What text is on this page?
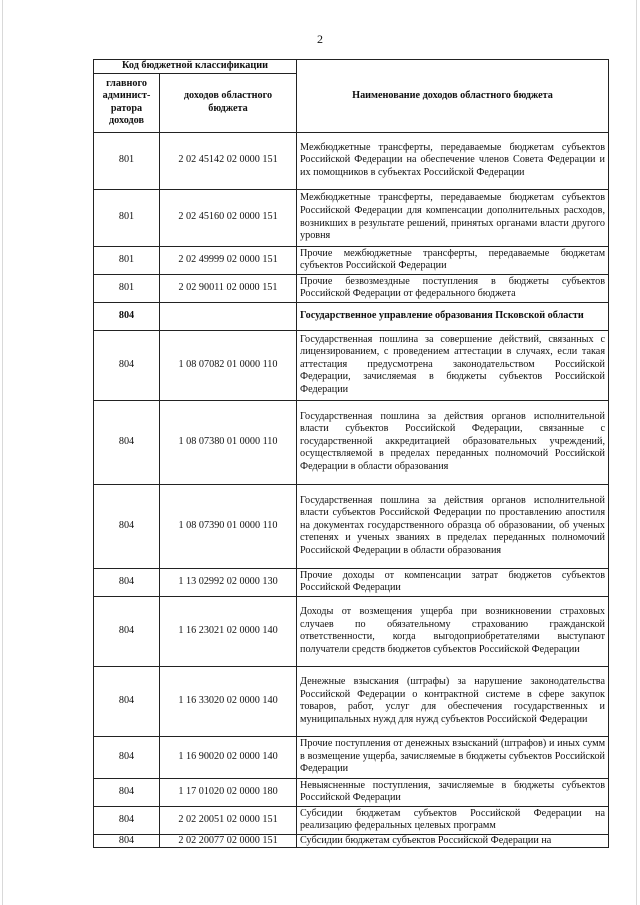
2
Код бюджетной классификации		Наименование доходов областного бюджета
главного админист-ратора доходов	доходов областного бюджета	
801	2 02 45142 02 0000 151	Межбюджетные трансферты, передаваемые бюджетам субъектов Российской Федерации на обеспечение членов Совета Федерации и их помощников в субъектах Российской Федерации
801	2 02 45160 02 0000 151	Межбюджетные трансферты, передаваемые бюджетам субъектов Российской Федерации для компенсации дополнительных расходов, возникших в результате решений, принятых органами власти другого уровня
801	2 02 49999 02 0000 151	Прочие межбюджетные трансферты, передаваемые бюджетам субъектов Российской Федерации
801	2 02 90011 02 0000 151	Прочие безвозмездные поступления в бюджеты субъектов Российской Федерации от федерального бюджета
804		Государственное управление образования Псковской области
804	1 08 07082 01 0000 110	Государственная пошлина за совершение действий, связанных с лицензированием, с проведением аттестации в случаях, если такая аттестация предусмотрена законодательством Российской Федерации, зачисляемая в бюджеты субъектов Российской Федерации
804	1 08 07380 01 0000 110	Государственная пошлина за действия органов исполнительной власти субъектов Российской Федерации, связанные с государственной аккредитацией образовательных учреждений, осуществляемой в пределах переданных полномочий Российской Федерации в области образования
804	1 08 07390 01 0000 110	Государственная пошлина за действия органов исполнительной власти субъектов Российской Федерации по проставлению апостиля на документах государственного образца об образовании, об ученых степенях и ученых званиях в пределах переданных полномочий Российской Федерации в области образования
804	1 13 02992 02 0000 130	Прочие доходы от компенсации затрат бюджетов субъектов Российской Федерации
804	1 16 23021 02 0000 140	Доходы от возмещения ущерба при возникновении страховых случаев по обязательному страхованию гражданской ответственности, когда выгодоприобретателями выступают получатели средств бюджетов субъектов Российской Федерации
804	1 16 33020 02 0000 140	Денежные взыскания (штрафы) за нарушение законодательства Российской Федерации о контрактной системе в сфере закупок товаров, работ, услуг для обеспечения государственных и муниципальных нужд для нужд субъектов Российской Федерации
804	1 16 90020 02 0000 140	Прочие поступления от денежных взысканий (штрафов) и иных сумм в возмещение ущерба, зачисляемые в бюджеты субъектов Российской Федерации
804	1 17 01020 02 0000 180	Невыясненные поступления, зачисляемые в бюджеты субъектов Российской Федерации
804	2 02 20051 02 0000 151	Субсидии бюджетам субъектов Российской Федерации на реализацию федеральных целевых программ
804	2 02 20077 02 0000 151	Субсидии бюджетам субъектов Российской Федерации на
